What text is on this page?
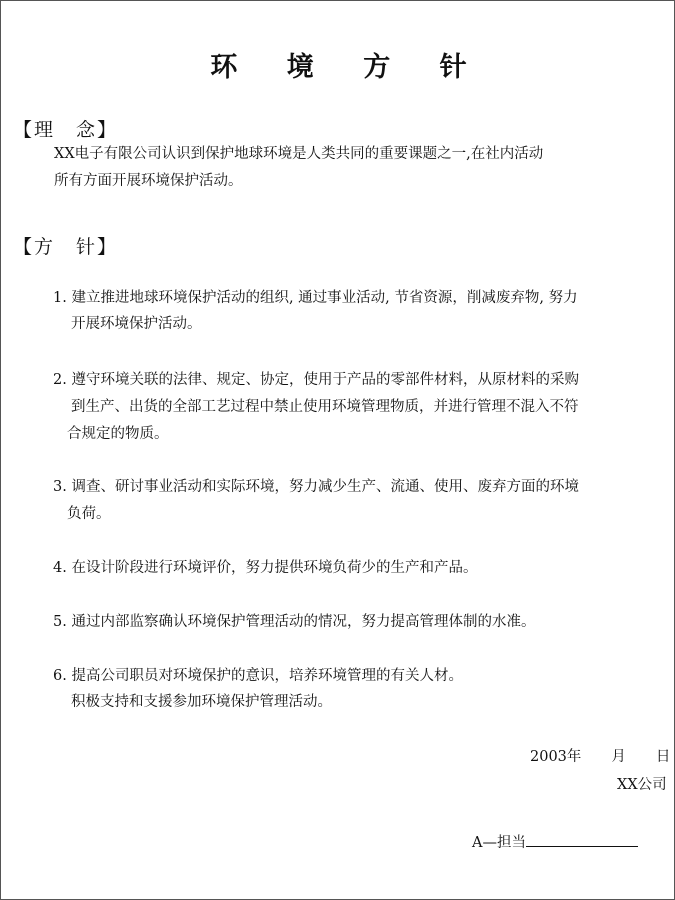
环 境 方 针
【理　念】
XX电子有限公司认识到保护地球环境是人类共同的重要课题之一,在社内活动
所有方面开展环境保护活动。
【方　针】
1. 建立推进地球环境保护活动的组织, 通过事业活动, 节省资源，削减废弃物, 努力
开展环境保护活动。
2. 遵守环境关联的法律、规定、协定，使用于产品的零部件材料，从原材料的采购
到生产、出货的全部工艺过程中禁止使用环境管理物质，并进行管理不混入不符
合规定的物质。
3. 调查、研讨事业活动和实际环境，努力减少生产、流通、使用、废弃方面的环境
负荷。
4. 在设计阶段进行环境评价，努力提供环境负荷少的生产和产品。
5. 通过内部监察确认环境保护管理活动的情况，努力提高管理体制的水准。
6. 提高公司职员对环境保护的意识，培养环境管理的有关人材。
积极支持和支援参加环境保护管理活动。
2003年 月 日
XX公司
A—担当
